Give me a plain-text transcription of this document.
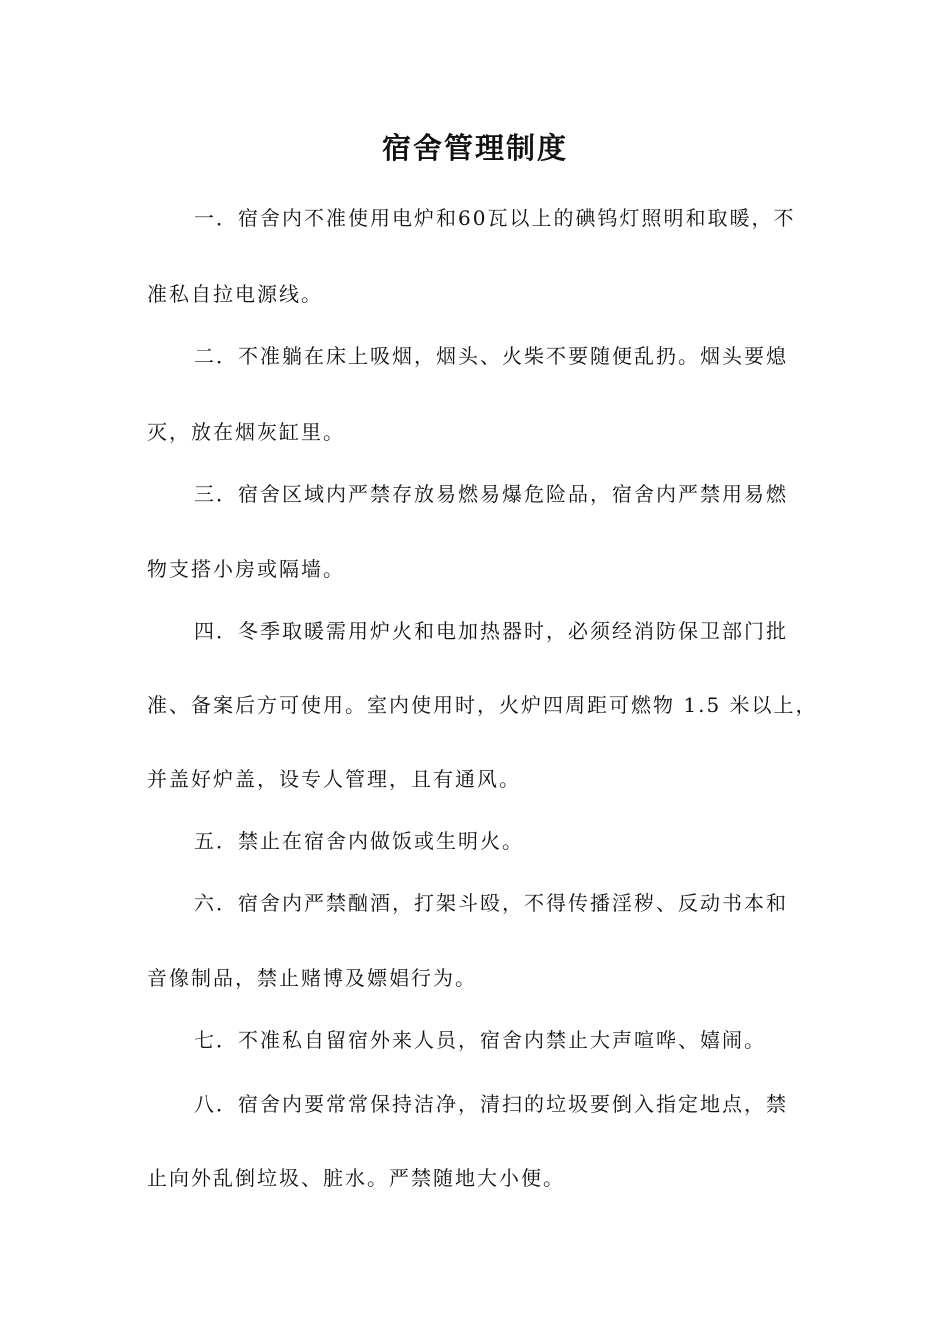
宿舍管理制度
一．宿舍内不准使用电炉和60瓦以上的碘钨灯照明和取暖，不
准私自拉电源线。
二．不准躺在床上吸烟，烟头、火柴不要随便乱扔。烟头要熄
灭，放在烟灰缸里。
三．宿舍区域内严禁存放易燃易爆危险品，宿舍内严禁用易燃
物支搭小房或隔墙。
四．冬季取暖需用炉火和电加热器时，必须经消防保卫部门批
准、备案后方可使用。室内使用时，火炉四周距可燃物 1.5 米以上，
并盖好炉盖，设专人管理，且有通风。
五．禁止在宿舍内做饭或生明火。
六．宿舍内严禁酗酒，打架斗殴，不得传播淫秽、反动书本和
音像制品，禁止赌博及嫖娼行为。
七．不准私自留宿外来人员，宿舍内禁止大声喧哗、嬉闹。
八．宿舍内要常常保持洁净，清扫的垃圾要倒入指定地点，禁
止向外乱倒垃圾、脏水。严禁随地大小便。
